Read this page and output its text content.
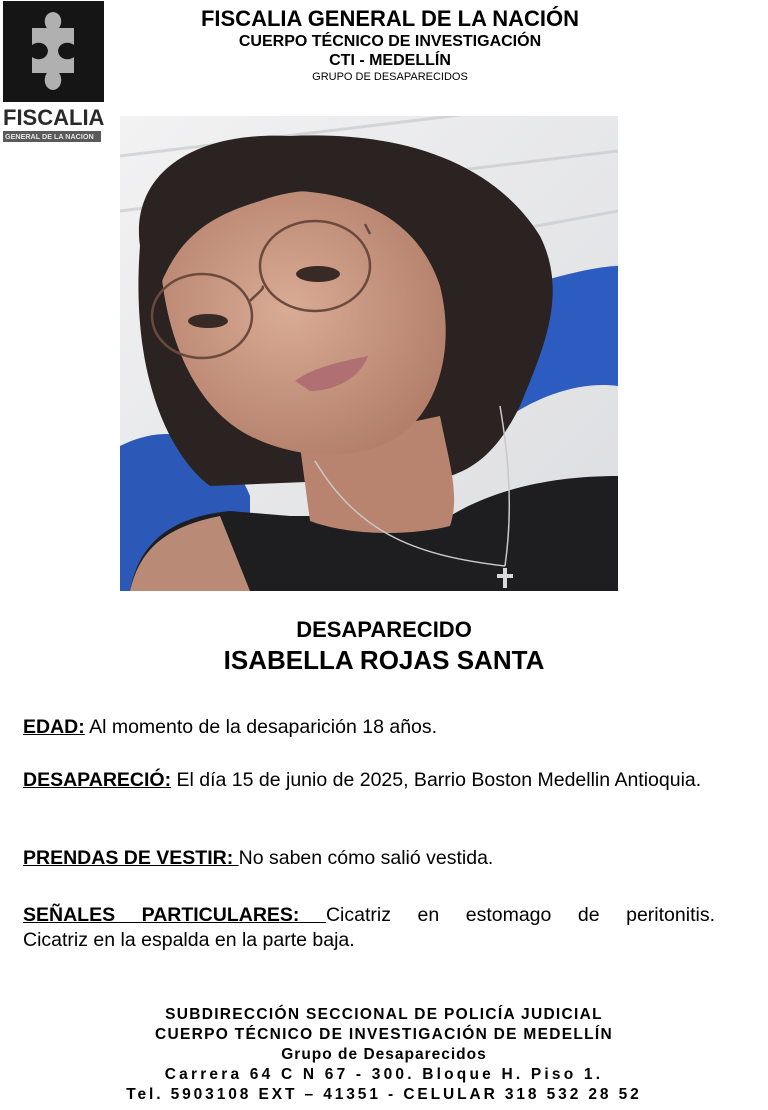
FISCALIA
GENERAL DE LA NACION
FISCALIA GENERAL DE LA NACIÓN
CUERPO TÉCNICO DE INVESTIGACIÓN
CTI - MEDELLÍN
GRUPO DE DESAPARECIDOS
DESAPARECIDO
ISABELLA ROJAS SANTA
EDAD: Al momento de la desaparición 18 años.
DESAPARECIÓ: El día 15 de junio de 2025, Barrio Boston Medellin Antioquia.
PRENDAS DE VESTIR: No saben cómo salió vestida.
SEÑALES PARTICULARES: Cicatriz en estomago de peritonitis.
Cicatriz en la espalda en la parte baja.
SUBDIRECCIÓN SECCIONAL DE POLICÍA JUDICIAL
CUERPO TÉCNICO DE INVESTIGACIÓN DE MEDELLÍN
Grupo de Desaparecidos
Carrera 64 C N 67 - 300. Bloque H. Piso 1.
Tel. 5903108 EXT – 41351 - CELULAR 318 532 28 52
